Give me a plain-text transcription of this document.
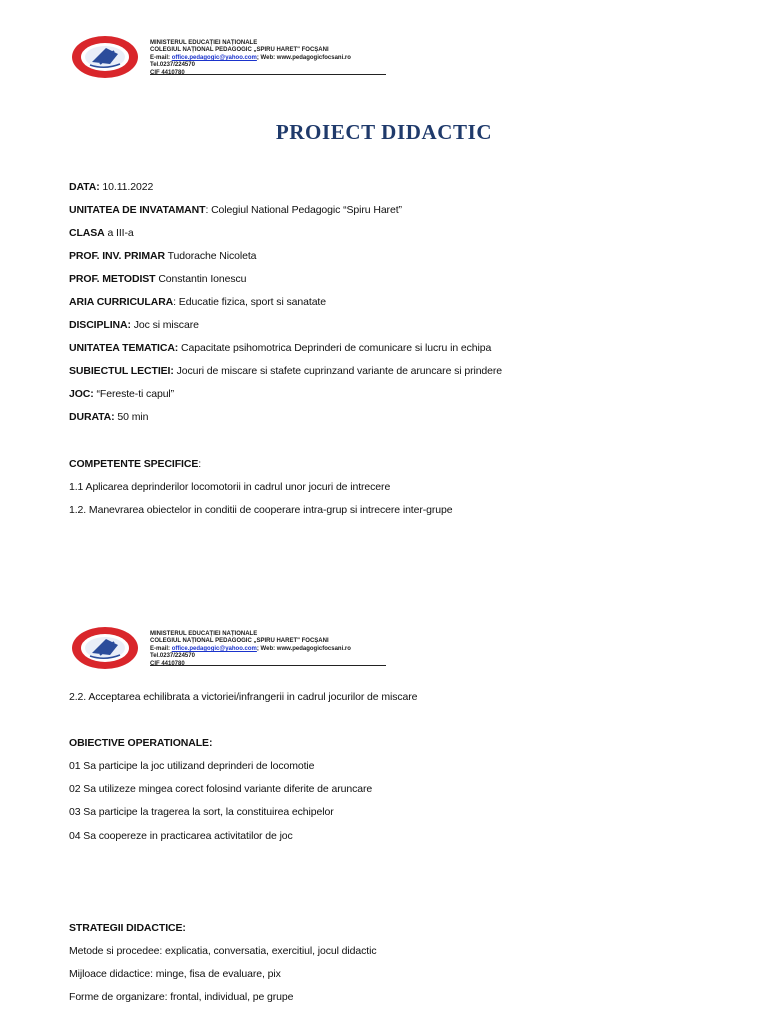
MINISTERUL EDUCAȚIEI NAȚIONALE
COLEGIUL NAȚIONAL PEDAGOGIC „SPIRU HARET" FOCȘANI
E-mail: office.pedagogic@yahoo.com; Web: www.pedagogicfocsani.ro
Tel.0237/224570
CIF 4410780
PROIECT DIDACTIC
DATA: 10.11.2022
UNITATEA DE INVATAMANT: Colegiul National Pedagogic “Spiru Haret”
CLASA a III-a
PROF. INV. PRIMAR Tudorache Nicoleta
PROF. METODIST Constantin Ionescu
ARIA CURRICULARA: Educatie fizica, sport si sanatate
DISCIPLINA: Joc si miscare
UNITATEA TEMATICA: Capacitate psihomotrica Deprinderi de comunicare si lucru in echipa
SUBIECTUL LECTIEI: Jocuri de miscare si stafete cuprinzand variante de aruncare si prindere
JOC: “Fereste-ti capul”
DURATA: 50 min
COMPETENTE SPECIFICE:
1.1 Aplicarea deprinderilor locomotorii in cadrul unor jocuri de intrecere
1.2. Manevrarea obiectelor in conditii de cooperare intra-grup si intrecere inter-grupe
MINISTERUL EDUCAȚIEI NAȚIONALE
COLEGIUL NAȚIONAL PEDAGOGIC „SPIRU HARET" FOCȘANI
E-mail: office.pedagogic@yahoo.com; Web: www.pedagogicfocsani.ro
Tel.0237/224570
CIF 4410780
2.2. Acceptarea echilibrata a victoriei/infrangerii in cadrul jocurilor de miscare
OBIECTIVE OPERATIONALE:
01 Sa participe la joc utilizand deprinderi de locomotie
02 Sa utilizeze mingea corect folosind variante diferite de aruncare
03 Sa participe la tragerea la sort, la constituirea echipelor
04 Sa coopereze in practicarea activitatilor de joc
STRATEGII DIDACTICE:
Metode si procedee: explicatia, conversatia, exercitiul, jocul didactic
Mijloace didactice: minge, fisa de evaluare, pix
Forme de organizare: frontal, individual, pe grupe
